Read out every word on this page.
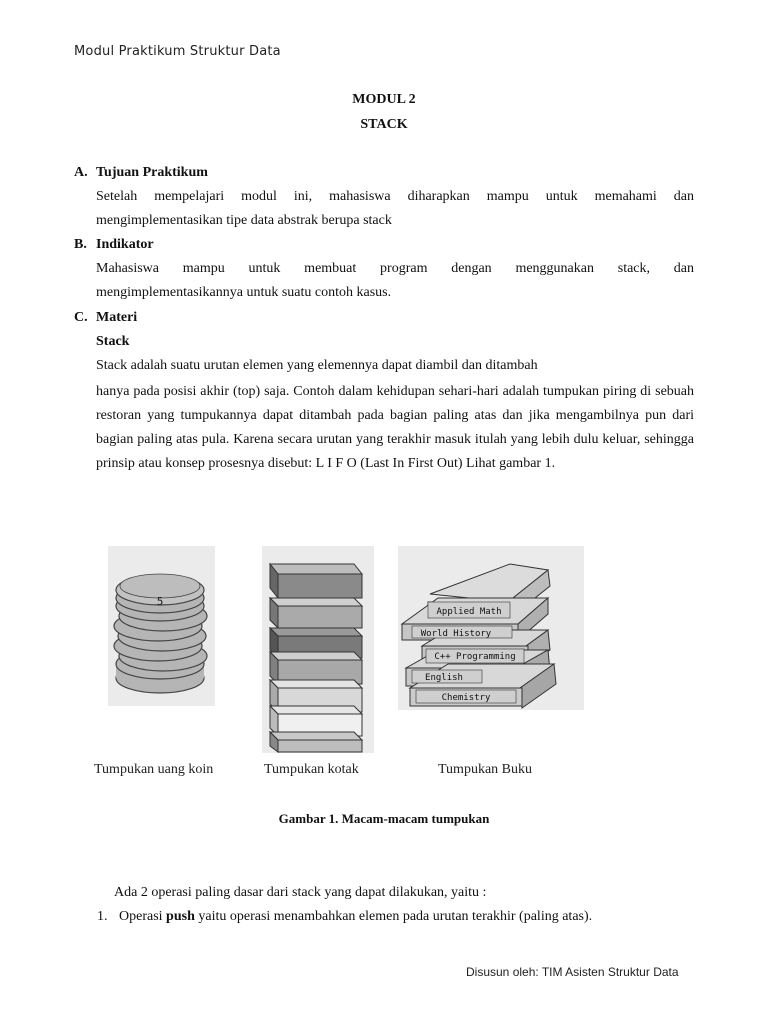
Modul Praktikum Struktur Data
MODUL 2
STACK
A. Tujuan Praktikum
Setelah mempelajari modul ini, mahasiswa diharapkan mampu untuk memahami dan
mengimplementasikan tipe data abstrak berupa stack
B. Indikator
Mahasiswa mampu untuk membuat program dengan menggunakan stack, dan
mengimplementasikannya untuk suatu contoh kasus.
C. Materi
Stack
Stack adalah suatu urutan elemen yang elemennya dapat diambil dan ditambah
hanya pada posisi akhir (top) saja. Contoh dalam kehidupan sehari-hari adalah tumpukan piring di sebuah restoran yang tumpukannya dapat ditambah pada bagian paling atas dan jika mengambilnya pun dari bagian paling atas pula. Karena secara urutan yang terakhir masuk itulah yang lebih dulu keluar, sehingga prinsip atau konsep prosesnya disebut: L I F O (Last In First Out) Lihat gambar 1.
5
Applied Math
World History
C++ Programming
English
Chemistry
Tumpukan uang koin	Tumpukan kotak	Tumpukan Buku
Gambar 1. Macam-macam tumpukan
Ada 2 operasi paling dasar dari stack yang dapat dilakukan, yaitu :
1. Operasi push yaitu operasi menambahkan elemen pada urutan terakhir (paling atas).
Disusun oleh: TIM Asisten Struktur Data
